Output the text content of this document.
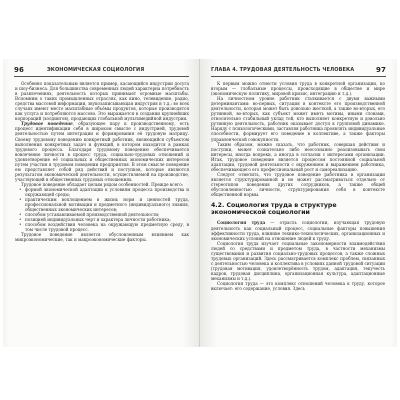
96	ЭКОНОМИЧЕСКАЯ СОЦИОЛОГИЯ

Особенно показательным является пример, касающийся индустрии досуга и шоу-бизнеса. Для большинства современных людей характерна потребность в развлечениях, деятельность которых принимает огромные масштабы. Вспомним о таких промышленных отраслях, как кино, телевидение, радио, средства массовой информации, звукозаписывающая индустрия и т.д.: во всех случаях имеют место масштабные объёмы продуктов, которые производятся как услуга и потребляются массово. Это выражается в создании крупнейших корпораций (холдингов), продающих глобальной мультимедийной индустрии.

Трудовое поведение, образующее пару к производственному, есть процесс идентификации себя в широком смысле с индустрией, трудовой деятельностью путем интеграции и формирования её трудовую матрицу. Своему трудовому поведению конкретный работник, являющийся субъектом выполнения конкретных задач и функций, в котором находится в рамках трудового процесса. Благодаря трудовому поведению обеспечивается вовлечение личности в процесс труда, социально-трудовых отношений и удовлетворение её социальных и общественных экономических интересов путем участия в трудовом поведении предприятия. В этом смысле поведение ею представляет собой ряд действий и поступков, которые являются результатом экономической деятельности, осуществляемой на производстве, участвующей в общественных трудовых отношениях.

Трудовое поведение обладает целым рядом особенностей. Прежде всего:

• формой экономической адаптации к условиям процесса производства и окружающей среды;
• практическим воплощением в жизнь норм и ценностей труда, профессиональной мотивации и предметного (индивидуального) знания, общественных экономических интересов;
• способом устанавливаемой производственной деятельности;
• позицией индивидуальных черт и характера личности работника;
• способом воздействия человека на окружающую предметную среду, в том числе трудовой процесс.

Трудовое поведение является обусловленным влиянием как микроэкономические, так и макроэкономические факторы.

ГЛАВА 4. ТРУДОВАЯ ДЕЯТЕЛЬНОСТЬ ЧЕЛОВЕКА	97

К первым можно отнести условия труда в конкретной организации, ко вторым — глобальные процессы, происходящие в обществе и мире (экономическую политику, мировой кризис, интеграцию и т.д.).

На личностном уровне работник сталкивается с двумя важными детерминантами: во-первых, ситуация в контексте его производственной деятельности, которая может быть довольно жесткой, а также во-вторых, его рутинной, во-вторых, как субъект может иметь мотивы, иными словами, относительно стабильный уклад той, кто выполняет конкретную и довольно рутинную деятельность, работник оказывает доступ к групповой динамике. Наряду с психологическими, заставляя работника проявлять индивидуальные способности, формирует его поведение в коллективе, а также факторы управленческой совокупности.

Таким образом, можно сказать, что работник, совершая действия и поступки, может сознательно либо неосознанно реализовывать свои интересы, иногда вопреки, а иногда в согласии с интересами организации. Итак, трудовое поведение является процессом постоянной социальной адаптации, трудовой деятельности с окружением и выражением работника, обеспечивающего его профессиональный рост и самореализацию.

Следует отметить, что трудовое поведение работника в организации является структурированной и не может рассматриваться отдельно от стереотипов поведения других сотрудников, а также общей обусловленностью личности, структурирования себя в контексте общественной нормы.

4.2. Социология труда в структуре
экономической социологии

Социология труда — отрасль социологии, изучающая трудовую деятельность как социальный процесс, социальные факторы повышения эффективности труда, влияние технико-технологических, организационных и экономических условий на отношение людей к труду.

Социология труда изучает социальные закономерности взаимодействия людей со средствами и предметом труда, в частности механизмы существования и развития социально-трудовых процессов, а также сложных трудовых организаций. Здесь рассматривается комплекс проблем, связанных с деятельностью человека и коллектива в условиях данной трудовой ситуации (трудовая мотивация, удовлетворённость трудом, адаптация, текучесть кадров, трудовая дисциплина, организационная культура, адаптационные механизмы и т.д.).

Социология труда — это комплекс отношений человека к труду, которое включает: его содержание, условия. Здесь
